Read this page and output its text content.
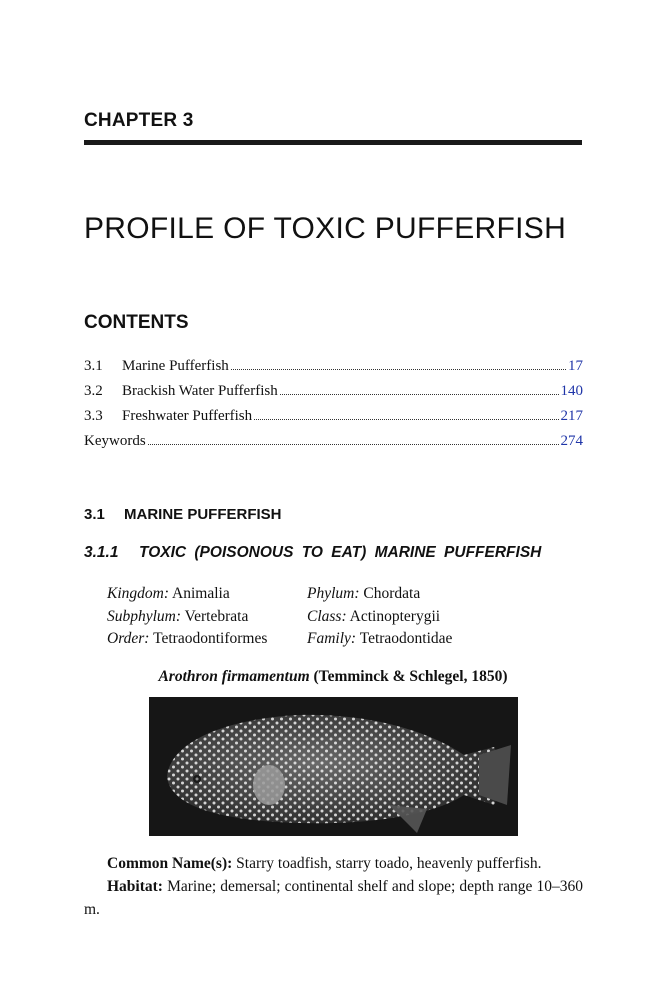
CHAPTER 3
PROFILE OF TOXIC PUFFERFISH
CONTENTS
3.1	Marine Pufferfish	17
3.2	Brackish Water Pufferfish	140
3.3	Freshwater Pufferfish	217
Keywords	274
3.1 MARINE PUFFERFISH
3.1.1 TOXIC (POISONOUS TO EAT) MARINE PUFFERFISH
Kingdom: Animalia	Phylum: Chordata
Subphylum: Vertebrata	Class: Actinopterygii
Order: Tetraodontiformes	Family: Tetraodontidae
Arothron firmamentum (Temminck & Schlegel, 1850)
Common Name(s): Starry toadfish, starry toado, heavenly pufferfish.
Habitat: Marine; demersal; continental shelf and slope; depth range 10–360 m.
